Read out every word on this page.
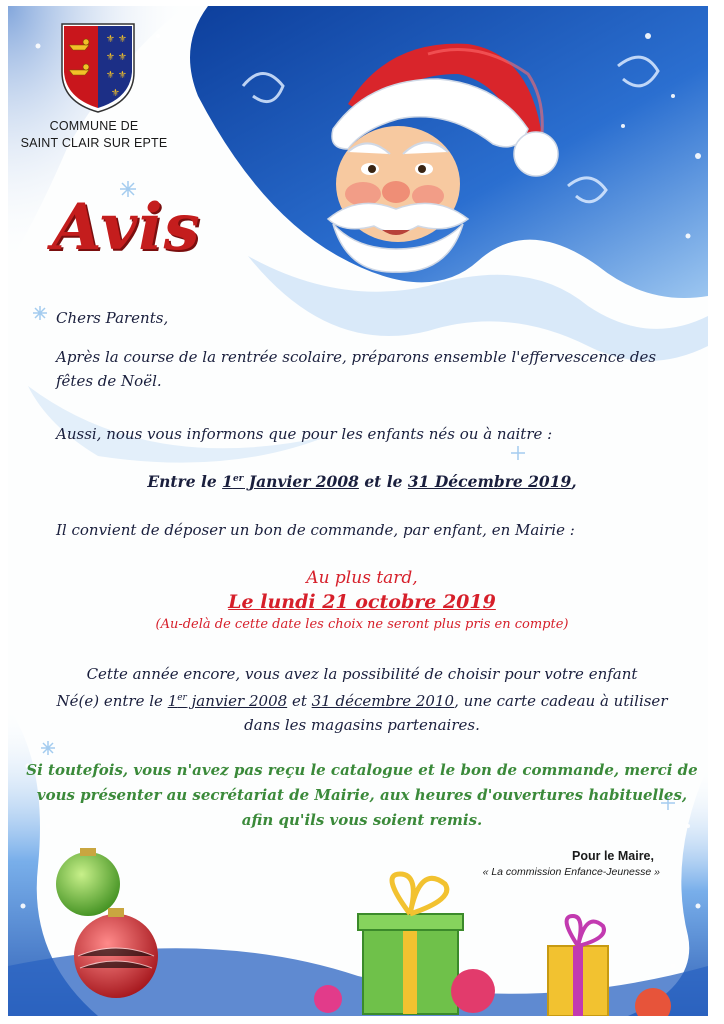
⚜ ⚜
⚜ ⚜
⚜ ⚜
⚜
COMMUNE DE
SAINT CLAIR SUR EPTE
Avis
Chers Parents,
Après la course de la rentrée scolaire, préparons ensemble l'effervescence des fêtes de Noël.
Aussi, nous vous informons que pour les enfants nés ou à naitre :
Entre le 1er Janvier 2008 et le 31 Décembre 2019,
Il convient de déposer un bon de commande, par enfant, en Mairie :
Au plus tard,
Le lundi 21 octobre 2019
(Au-delà de cette date les choix ne seront plus pris en compte)
Cette année encore, vous avez la possibilité de choisir pour votre enfant
Né(e) entre le 1er janvier 2008 et 31 décembre 2010, une carte cadeau à utiliser
dans les magasins partenaires.
Si toutefois, vous n'avez pas reçu le catalogue et le bon de commande, merci de
vous présenter au secrétariat de Mairie, aux heures d'ouvertures habituelles,
afin qu'ils vous soient remis.
Pour le Maire,
« La commission Enfance-Jeunesse »
